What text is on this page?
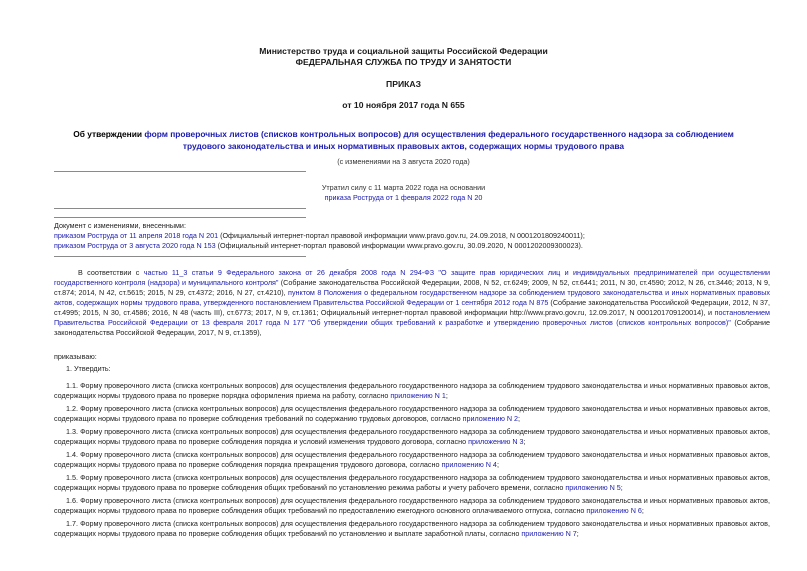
Министерство труда и социальной защиты Российской Федерации
ФЕДЕРАЛЬНАЯ СЛУЖБА ПО ТРУДУ И ЗАНЯТОСТИ
ПРИКАЗ
от 10 ноября 2017 года N 655
Об утверждении форм проверочных листов (списков контрольных вопросов) для осуществления федерального государственного надзора за соблюдением
трудового законодательства и иных нормативных правовых актов, содержащих нормы трудового права
(с изменениями на 3 августа 2020 года)
Утратил силу с 11 марта 2022 года на основании
приказа Роструда от 1 февраля 2022 года N 20
Документ с изменениями, внесенными:
приказом Роструда от 11 апреля 2018 года N 201 (Официальный интернет-портал правовой информации www.pravo.gov.ru, 24.09.2018, N 0001201809240011);
приказом Роструда от 3 августа 2020 года N 153 (Официальный интернет-портал правовой информации www.pravo.gov.ru, 30.09.2020, N 0001202009300023).
В соответствии с частью 11_3 статьи 9 Федерального закона от 26 декабря 2008 года N 294-ФЗ "О защите прав юридических лиц и индивидуальных предпринимателей при осуществлении государственного контроля (надзора) и муниципального контроля" (Собрание законодательства Российской Федерации, 2008, N 52, ст.6249; 2009, N 52, ст.6441; 2011, N 30, ст.4590; 2012, N 26, ст.3446; 2013, N 9, ст.874; 2014, N 42, ст.5615; 2015, N 29, ст.4372; 2016, N 27, ст.4210), пунктом 8 Положения о федеральном государственном надзоре за соблюдением трудового законодательства и иных нормативных правовых актов, содержащих нормы трудового права, утвержденного постановлением Правительства Российской Федерации от 1 сентября 2012 года N 875 (Собрание законодательства Российской Федерации, 2012, N 37, ст.4995; 2015, N 30, ст.4586; 2016, N 48 (часть III), ст.6773; 2017, N 9, ст.1361; Официальный интернет-портал правовой информации http://www.pravo.gov.ru, 12.09.2017, N 0001201709120014), и постановлением Правительства Российской Федерации от 13 февраля 2017 года N 177 "Об утверждении общих требований к разработке и утверждению проверочных листов (списков контрольных вопросов)" (Собрание законодательства Российской Федерации, 2017, N 9, ст.1359),
приказываю:
1. Утвердить:
1.1. Форму проверочного листа (списка контрольных вопросов) для осуществления федерального государственного надзора за соблюдением трудового законодательства и иных нормативных правовых актов, содержащих нормы трудового права по проверке порядка оформления приема на работу, согласно приложению N 1;
1.2. Форму проверочного листа (списка контрольных вопросов) для осуществления федерального государственного надзора за соблюдением трудового законодательства и иных нормативных правовых актов, содержащих нормы трудового права по проверке соблюдения требований по содержанию трудовых договоров, согласно приложению N 2;
1.3. Форму проверочного листа (списка контрольных вопросов) для осуществления федерального государственного надзора за соблюдением трудового законодательства и иных нормативных правовых актов, содержащих нормы трудового права по проверке соблюдения порядка и условий изменения трудового договора, согласно приложению N 3;
1.4. Форму проверочного листа (списка контрольных вопросов) для осуществления федерального государственного надзора за соблюдением трудового законодательства и иных нормативных правовых актов, содержащих нормы трудового права по проверке соблюдения порядка прекращения трудового договора, согласно приложению N 4;
1.5. Форму проверочного листа (списка контрольных вопросов) для осуществления федерального государственного надзора за соблюдением трудового законодательства и иных нормативных правовых актов, содержащих нормы трудового права по проверке соблюдения общих требований по установлению режима работы и учету рабочего времени, согласно приложению N 5;
1.6. Форму проверочного листа (списка контрольных вопросов) для осуществления федерального государственного надзора за соблюдением трудового законодательства и иных нормативных правовых актов, содержащих нормы трудового права по проверке соблюдения общих требований по предоставлению ежегодного основного оплачиваемого отпуска, согласно приложению N 6;
1.7. Форму проверочного листа (списка контрольных вопросов) для осуществления федерального государственного надзора за соблюдением трудового законодательства и иных нормативных правовых актов, содержащих нормы трудового права по проверке соблюдения общих требований по установлению и выплате заработной платы, согласно приложению N 7;
